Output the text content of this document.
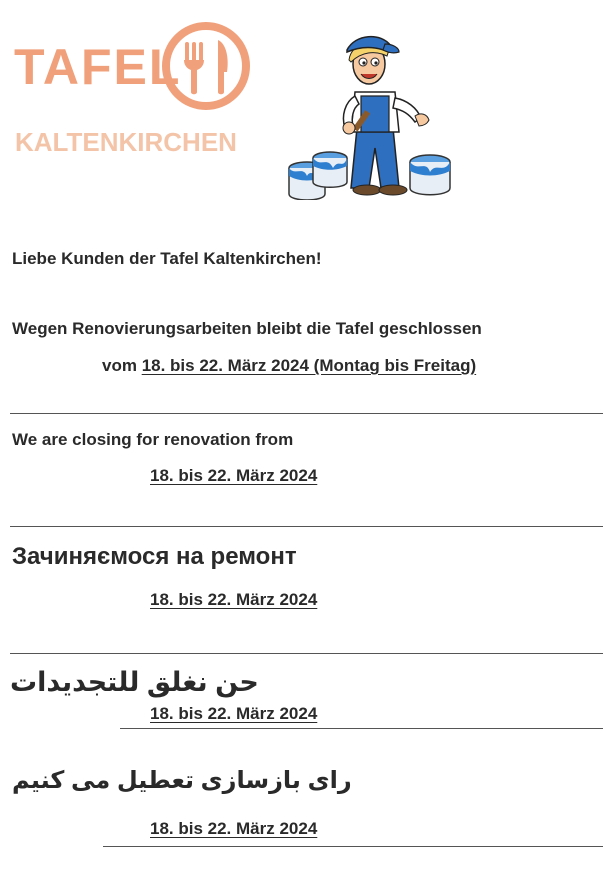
TAFEL
KALTENKIRCHEN
Liebe Kunden der Tafel Kaltenkirchen!
Wegen Renovierungsarbeiten bleibt die Tafel geschlossen
vom 18. bis 22. März 2024 (Montag bis Freitag)
We are closing for renovation from
18. bis 22. März 2024
Зачиняємося на ремонт
18. bis 22. März 2024
حن نغلق للتجديدات
18. bis 22. März 2024
رای بازسازی تعطیل می کنیم
18. bis 22. März 2024
